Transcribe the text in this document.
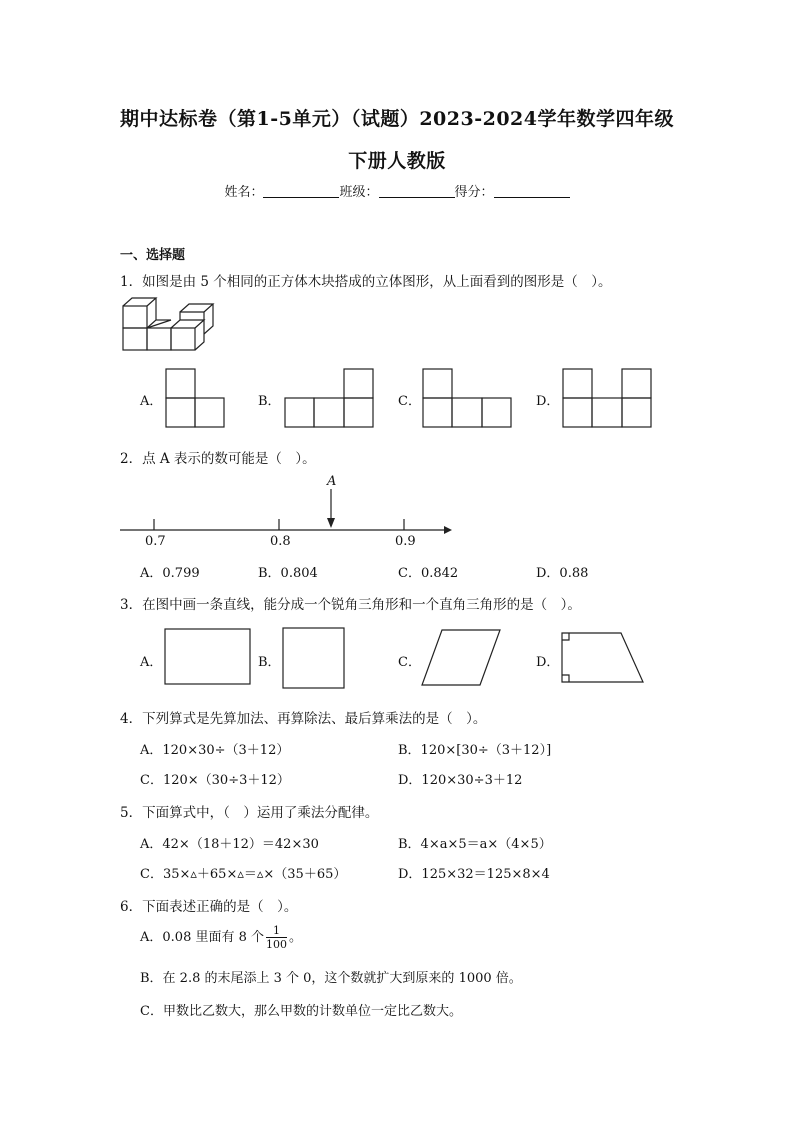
期中达标卷（第1-5单元）（试题）2023-2024学年数学四年级
下册人教版
姓名：	班级：	得分：
一、选择题
1．如图是由 5 个相同的正方体木块搭成的立体图形，从上面看到的图形是（　）。
A．	B．	C．	D．
2．点 A 表示的数可能是（　）。
A
0.7	0.8	0.9
A．0.799	B．0.804	C．0.842	D．0.88
3．在图中画一条直线，能分成一个锐角三角形和一个直角三角形的是（　）。
A．	B．	C．	D．
4．下列算式是先算加法、再算除法、最后算乘法的是（　）。
A．120×30÷（3＋12）	B．120×[30÷（3＋12）]
C．120×（30÷3＋12）	D．120×30÷3＋12
5．下面算式中，（　）运用了乘法分配律。
A．42×（18＋12）＝42×30	B．4×a×5＝a×（4×5）
C．35×▵＋65×▵＝▵×（35＋65）	D．125×32＝125×8×4
6．下面表述正确的是（　）。
A．0.08 里面有 8 个 $\frac{1}{100}$ 。
B．在 2.8 的末尾添上 3 个 0，这个数就扩大到原来的 1000 倍。
C．甲数比乙数大，那么甲数的计数单位一定比乙数大。
